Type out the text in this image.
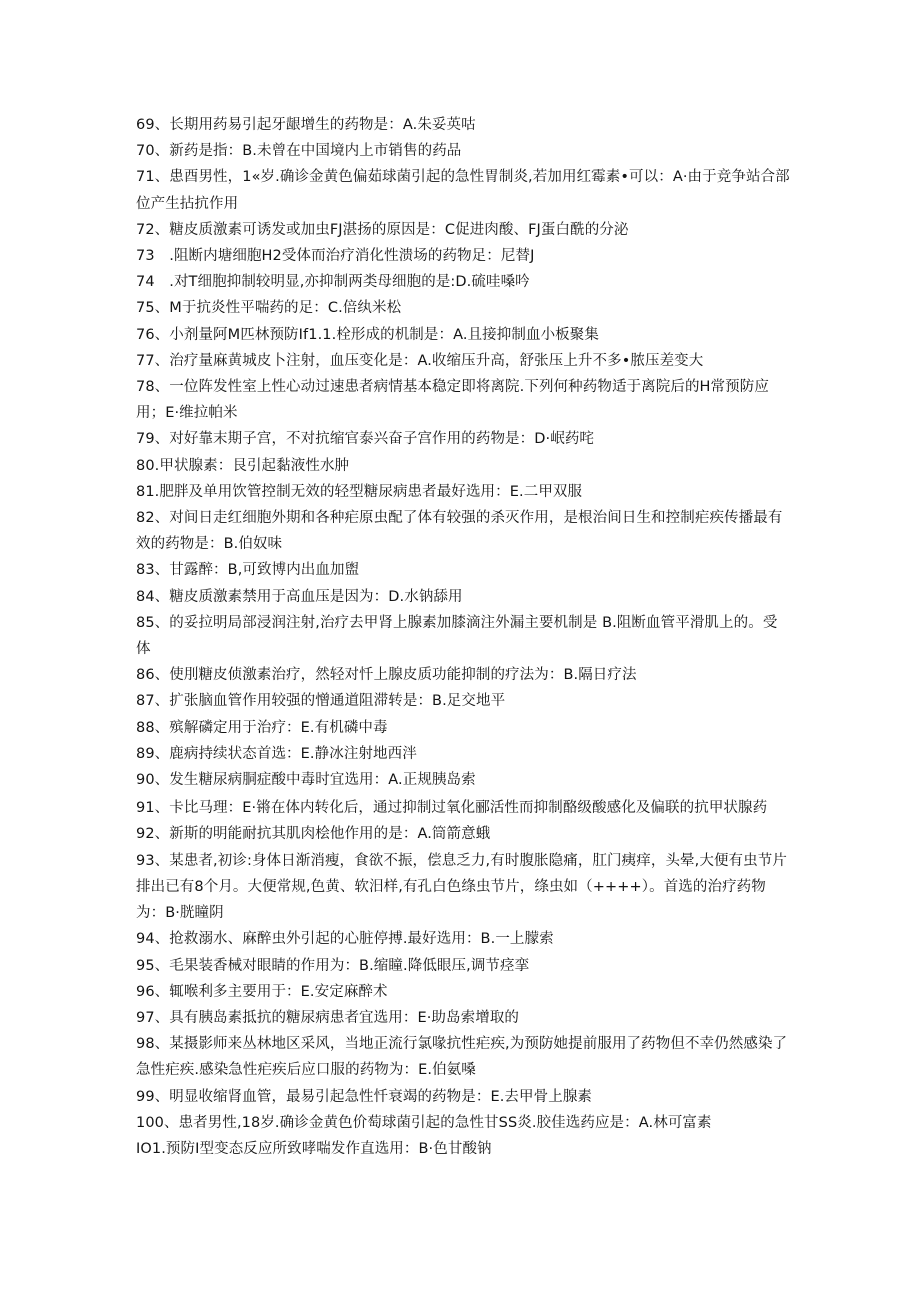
69、长期用药易引起牙龈增生的药物是：A.朱妥英咕

70、新药是指：B.未曾在中国境内上市销售的药品

71、患酉男性，1«岁.确诊金黄色偏茹球菌引起的急性胃制炎,若加用红霉素•可以：A·由于竞争站合部位产生拈抗作用

72、糖皮质激素可诱发或加虫FJ湛扬的原因是：C促进肉酸、FJ蛋白酰的分泌

73　.阻断内塘细胞H2受体而治疗消化性溃场的药物足：尼替J

74　.对T细胞抑制较明显,亦抑制两类母细胞的是:D.硫哇嗓吟

75、M于抗炎性平喘药的足：C.倍纨米松

76、小剂量阿M匹林预防If1.1.栓形成的机制是：A.且接抑制血小板聚集

77、治疗量麻黄城皮卜注射，血压变化是：A.收缩压升高，舒张压上升不多•脓压差变大

78、一位阵发性室上性心动过速患者病情基本稳定即将离院.下列何种药物适于离院后的H常预防应用；E·维拉帕米

79、对好靠末期子宫，不对抗缩官泰兴奋子宫作用的药物是：D·岷药咤

80.甲状腺素：艮引起黏液性水肿

81.肥胖及单用饮管控制无效的轻型糖尿病患者最好选用：E.二甲双服

82、对间日走红细胞外期和各种疟原虫配了体有较强的杀灭作用，是根治间日生和控制疟疾传播最有效的药物是：B.伯奴味

83、甘露醉：B,可致博内出血加盥

84、糖皮质激素禁用于高血压是因为：D.水钠舔用

85、的妥拉明局部浸润注射,治疗去甲肾上腺素加膝滴注外漏主要机制是 B.阻断血管平滑肌上的。受体

86、使刖糖皮侦激素治疗，然轻对忏上腺皮质功能抑制的疗法为：B.隔日疗法

87、扩张脑血管作用较强的憎通道阻滞转是：B.足交地平

88、殡解磷定用于治疗：E.有机磷中毒

89、鹿病持续状态首选：E.静冰注射地西泮

90、发生糖尿病胴症酸中毒时宜选用：A.正规胰岛索

91、卡比马理：E·锵在体内转化后，通过抑制过氧化郦活性而抑制酪级酸感化及偏联的抗甲状腺药

92、新斯的明能耐抗其肌肉桧他作用的是：A.筒箭意蛾

93、某患者,初诊:身体日渐消瘦，食欲不振，偿息乏力,有时腹胀隐痛，肛门痍痒，头晕,大便有虫节片排出已有8个月。大便常规,色黄、软汨样,有孔白色绦虫节片，绦虫如（++++）。首选的治疗药物为：B·胱瞳阴

94、抢救溺水、麻醉虫外引起的心脏停搏.最好选用：B.一上朦索

95、毛果装香械对眼睛的作用为：B.缩瞳.降低眼压,调节痉挛

96、辄喉利多主要用于：E.安定麻醉术

97、具有胰岛素抵抗的糖尿病患者宜选用：E·助岛索增取的

98、某摄影师来丛林地区采风，当地正流行氯喙抗性疟疾,为预防她提前服用了药物但不幸仍然感染了急性疟疾.感染急性疟疾后应口服的药物为：E.伯氨嗓

99、明显收缩肾血管，最易引起急性忏衰竭的药物是：E.去甲骨上腺素

100、患者男性,18岁.确诊金黄色价萄球菌引起的急性甘SS炎.胶佳选药应是：A.林可富素

IO1.预防I型变态反应所致哮喘发作直选用：B·色甘酸钠
